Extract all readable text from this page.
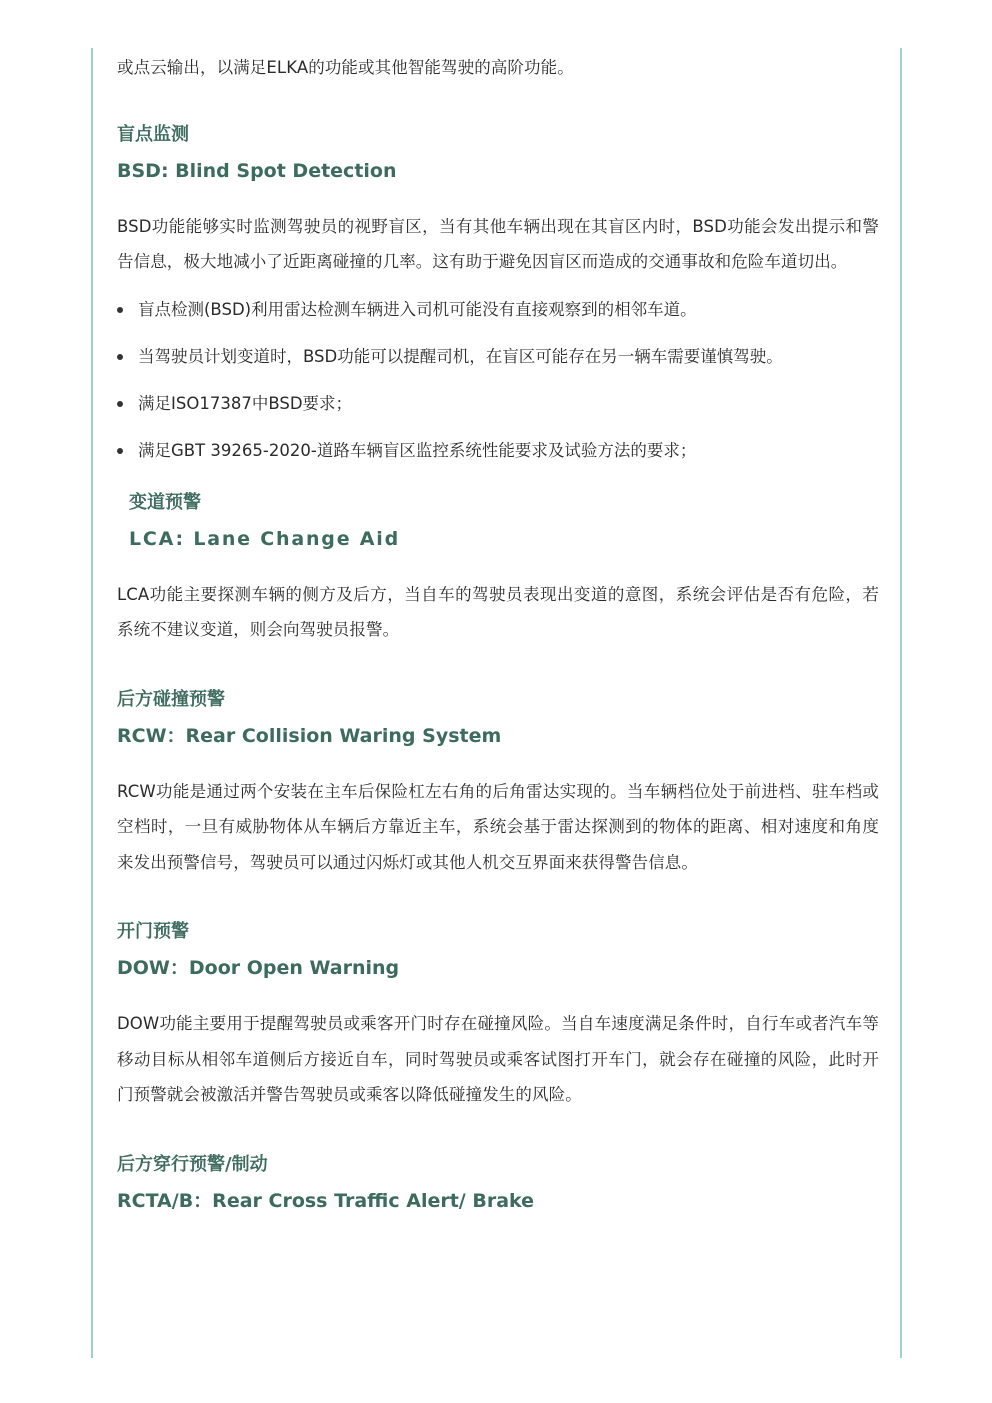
或点云输出，以满足ELKA的功能或其他智能驾驶的高阶功能。

盲点监测
BSD: Blind Spot Detection

BSD功能能够实时监测驾驶员的视野盲区，当有其他车辆出现在其盲区内时，BSD功能会发出提示和警告信息，极大地减小了近距离碰撞的几率。这有助于避免因盲区而造成的交通事故和危险车道切出。

盲点检测(BSD)利用雷达检测车辆进入司机可能没有直接观察到的相邻车道。
当驾驶员计划变道时，BSD功能可以提醒司机，在盲区可能存在另一辆车需要谨慎驾驶。
满足ISO17387中BSD要求；
满足GBT 39265-2020-道路车辆盲区监控系统性能要求及试验方法的要求；
变道预警
LCA: Lane Change Aid

LCA功能主要探测车辆的侧方及后方，当自车的驾驶员表现出变道的意图，系统会评估是否有危险，若系统不建议变道，则会向驾驶员报警。

后方碰撞预警
RCW：Rear Collision Waring System

RCW功能是通过两个安装在主车后保险杠左右角的后角雷达实现的。当车辆档位处于前进档、驻车档或空档时，一旦有威胁物体从车辆后方靠近主车，系统会基于雷达探测到的物体的距离、相对速度和角度来发出预警信号，驾驶员可以通过闪烁灯或其他人机交互界面来获得警告信息。

开门预警
DOW：Door Open Warning

DOW功能主要用于提醒驾驶员或乘客开门时存在碰撞风险。当自车速度满足条件时，自行车或者汽车等移动目标从相邻车道侧后方接近自车，同时驾驶员或乘客试图打开车门，就会存在碰撞的风险，此时开门预警就会被激活并警告驾驶员或乘客以降低碰撞发生的风险。

后方穿行预警/制动
RCTA/B：Rear Cross Traffic Alert/ Brake
